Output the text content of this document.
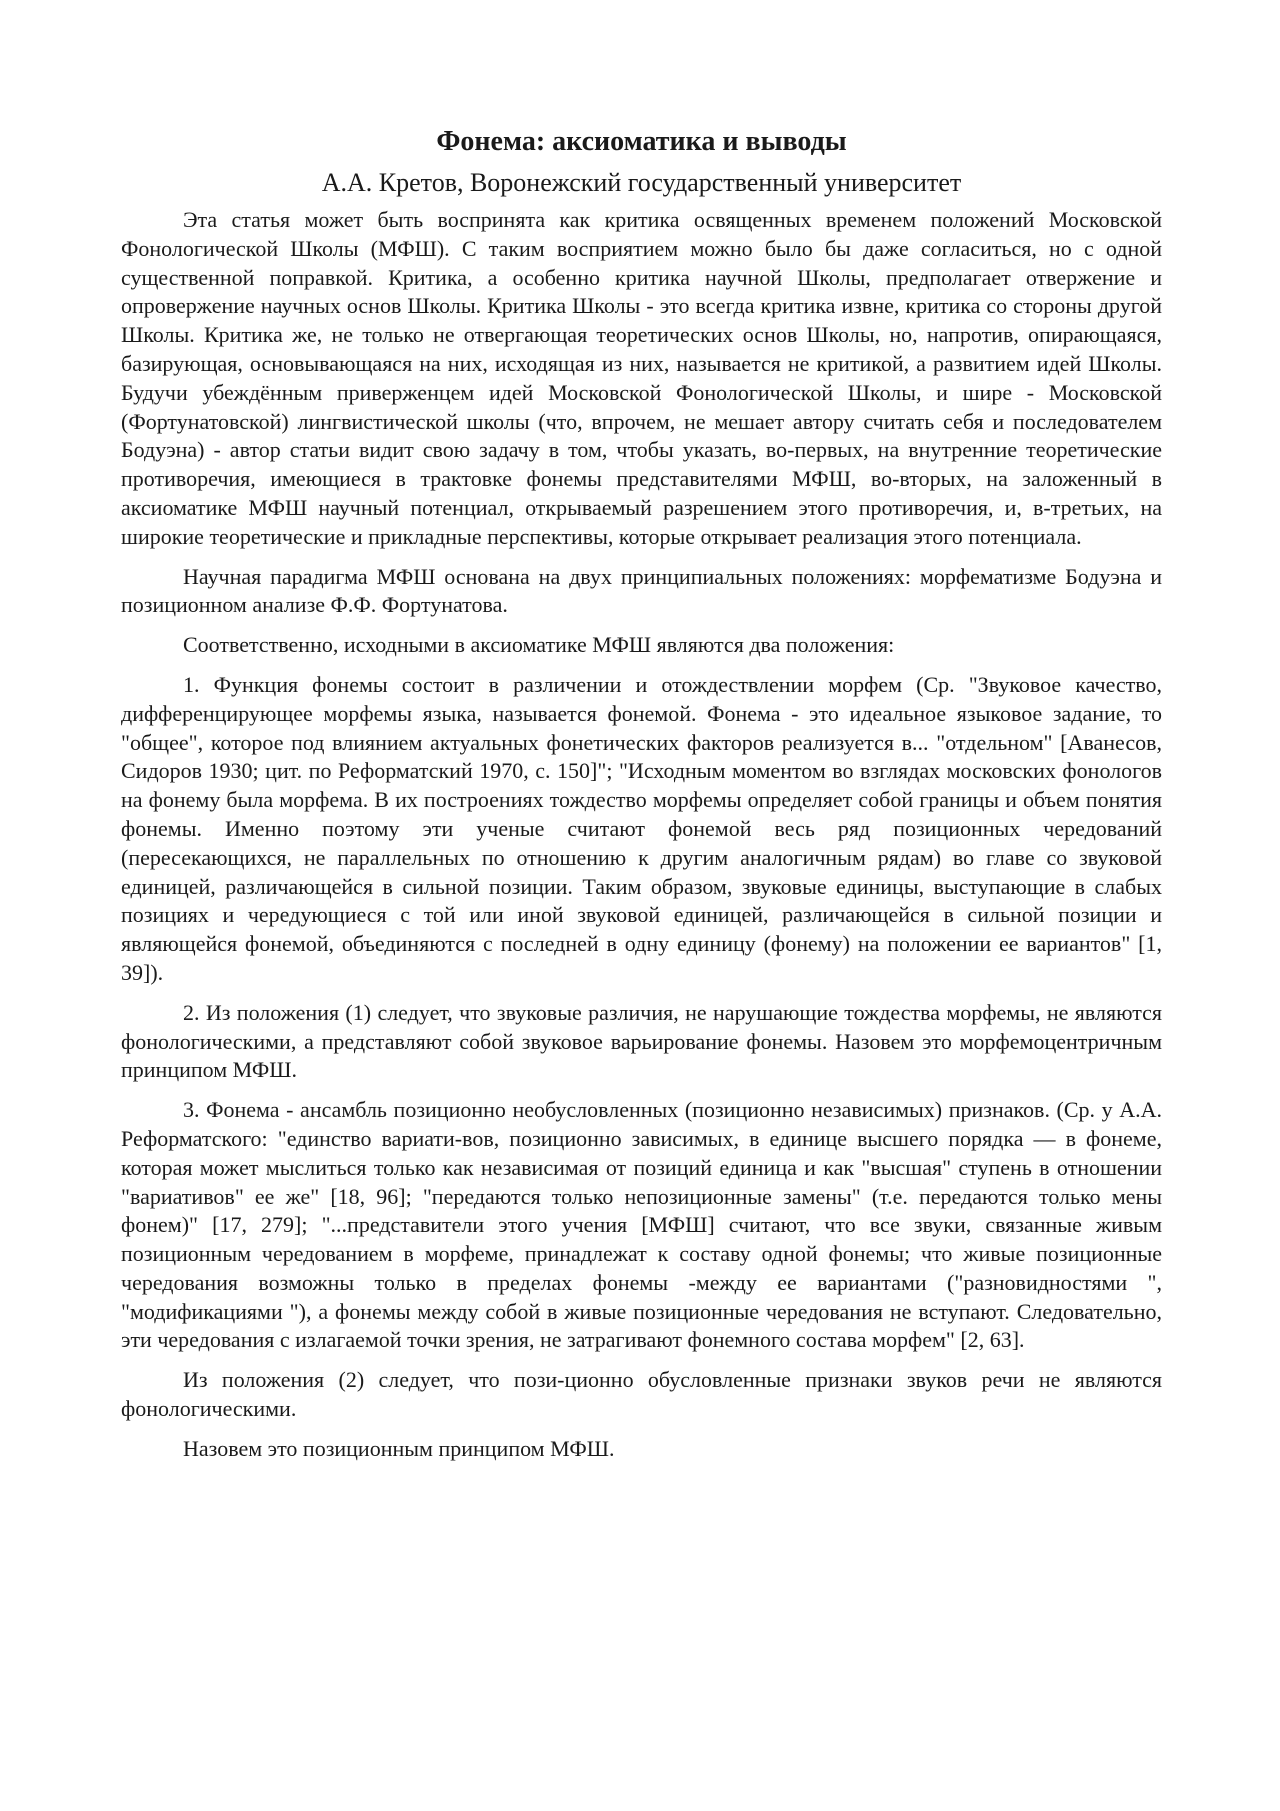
Фонема: аксиоматика и выводы
А.А. Кретов, Воронежский государственный университет

Эта статья может быть воспринята как критика освященных временем положений Московской Фонологической Школы (МФШ). С таким восприятием можно было бы даже согласиться, но с одной существенной поправкой. Критика, а особенно критика научной Школы, предполагает отвержение и опровержение научных основ Школы. Критика Школы - это всегда критика извне, критика со стороны другой Школы. Критика же, не только не отвергающая теоретических основ Школы, но, напротив, опирающаяся, базирующая, основывающаяся на них, исходящая из них, называется не критикой, а развитием идей Школы. Будучи убеждённым приверженцем идей Московской Фонологической Школы, и шире - Московской (Фортунатовской) лингвистической школы (что, впрочем, не мешает автору считать себя и последователем Бодуэна) - автор статьи видит свою задачу в том, чтобы указать, во-первых, на внутренние теоретические противоречия, имеющиеся в трактовке фонемы представителями МФШ, во-вторых, на заложенный в аксиоматике МФШ научный потенциал, открываемый разрешением этого противоречия, и, в-третьих, на широкие теоретические и прикладные перспективы, которые открывает реализация этого потенциала.

Научная парадигма МФШ основана на двух принципиальных положениях: морфематизме Бодуэна и позиционном анализе Ф.Ф. Фортунатова.

Соответственно, исходными в аксиоматике МФШ являются два положения:

1. Функция фонемы состоит в различении и отождествлении морфем (Ср. "Звуковое качество, дифференцирующее морфемы языка, называется фонемой. Фонема - это идеальное языковое задание, то "общее", которое под влиянием актуальных фонетических факторов реализуется в... "отдельном" [Аванесов, Сидоров 1930; цит. по Реформатский 1970, с. 150]"; "Исходным моментом во взглядах московских фонологов на фонему была морфема. В их построениях тождество морфемы определяет собой границы и объем понятия фонемы. Именно поэтому эти ученые считают фонемой весь ряд позиционных чередований (пересекающихся, не параллельных по отношению к другим аналогичным рядам) во главе со звуковой единицей, различающейся в сильной позиции. Таким образом, звуковые единицы, выступающие в слабых позициях и чередующиеся с той или иной звуковой единицей, различающейся в сильной позиции и являющейся фонемой, объединяются с последней в одну единицу (фонему) на положении ее вариантов" [1, 39]).

2. Из положения (1) следует, что звуковые различия, не нарушающие тождества морфемы, не являются фонологическими, а представляют собой звуковое варьирование фонемы. Назовем это морфемоцентричным принципом МФШ.

3. Фонема - ансамбль позиционно необусловленных (позиционно независимых) признаков. (Ср. у А.А. Реформатского: "единство вариати-вов, позиционно зависимых, в единице высшего порядка — в фонеме, которая может мыслиться только как независимая от позиций единица и как "высшая" ступень в отношении "вариативов" ее же" [18, 96]; "передаются только непозиционные замены" (т.е. передаются только мены фонем)" [17, 279]; "...представители этого учения [МФШ] считают, что все звуки, связанные живым позиционным чередованием в морфеме, принадлежат к составу одной фонемы; что живые позиционные чередования возможны только в пределах фонемы -между ее вариантами ("разновидностями ", "модификациями "), а фонемы между собой в живые позиционные чередования не вступают. Следовательно, эти чередования с излагаемой точки зрения, не затрагивают фонемного состава морфем" [2, 63].

Из положения (2) следует, что пози-ционно обусловленные признаки звуков речи не являются фонологическими.

Назовем это позиционным принципом МФШ.
